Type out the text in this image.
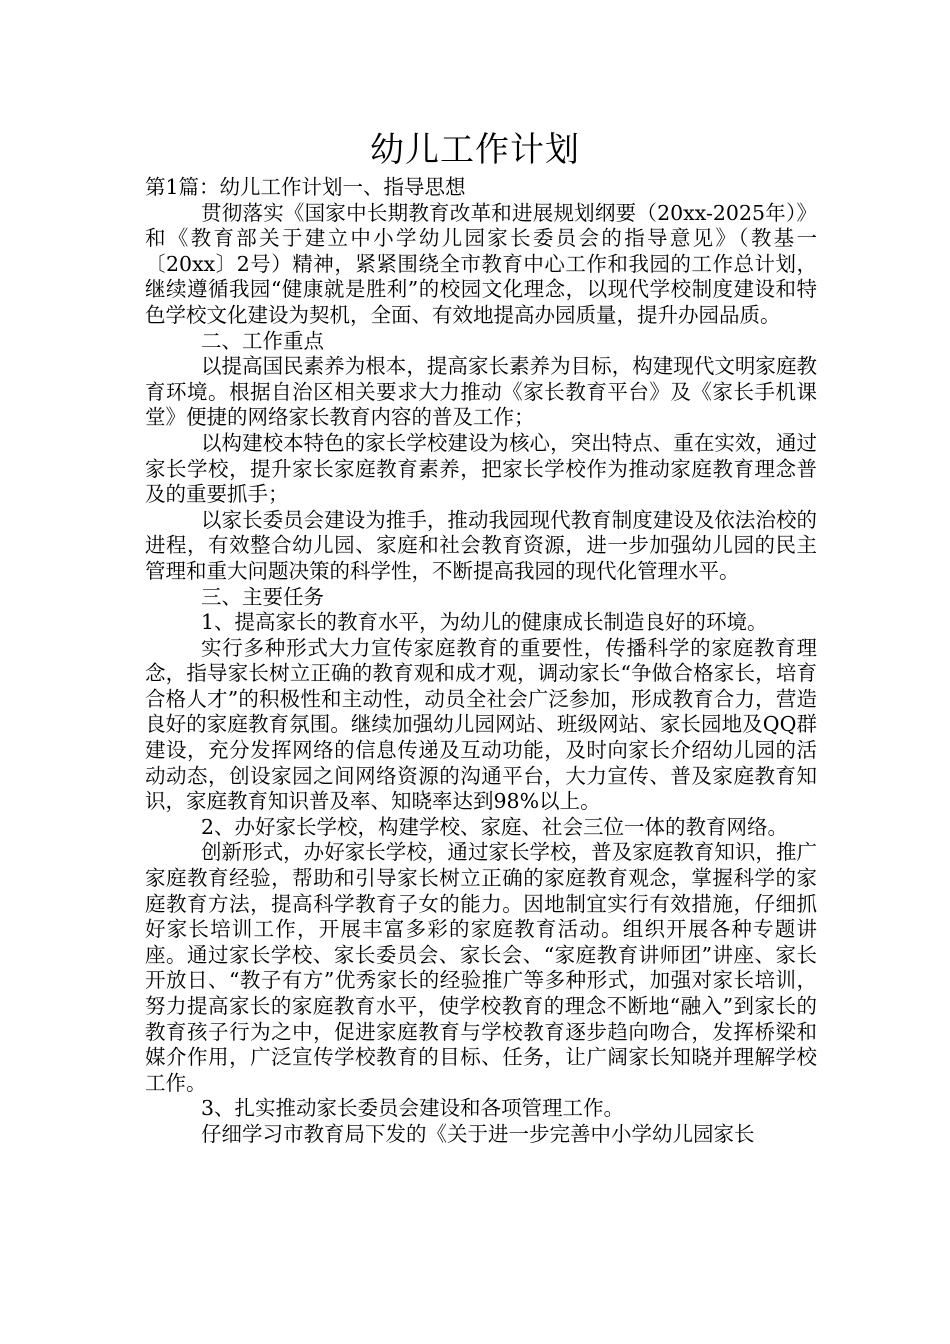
幼儿工作计划

第1篇：幼儿工作计划一、指导思想

贯彻落实《国家中长期教育改革和进展规划纲要（20xx-2025年）》和《教育部关于建立中小学幼儿园家长委员会的指导意见》（教基一〔20xx〕2号）精神，紧紧围绕全市教育中心工作和我园的工作总计划，继续遵循我园“健康就是胜利”的校园文化理念，以现代学校制度建设和特色学校文化建设为契机，全面、有效地提高办园质量，提升办园品质。

二、工作重点

以提高国民素养为根本，提高家长素养为目标，构建现代文明家庭教育环境。根据自治区相关要求大力推动《家长教育平台》及《家长手机课堂》便捷的网络家长教育内容的普及工作；

以构建校本特色的家长学校建设为核心，突出特点、重在实效，通过家长学校，提升家长家庭教育素养，把家长学校作为推动家庭教育理念普及的重要抓手；

以家长委员会建设为推手，推动我园现代教育制度建设及依法治校的进程，有效整合幼儿园、家庭和社会教育资源，进一步加强幼儿园的民主管理和重大问题决策的科学性，不断提高我园的现代化管理水平。

三、主要任务

1、提高家长的教育水平，为幼儿的健康成长制造良好的环境。

实行多种形式大力宣传家庭教育的重要性，传播科学的家庭教育理念，指导家长树立正确的教育观和成才观，调动家长“争做合格家长，培育合格人才”的积极性和主动性，动员全社会广泛参加，形成教育合力，营造良好的家庭教育氛围。继续加强幼儿园网站、班级网站、家长园地及QQ群建设，充分发挥网络的信息传递及互动功能，及时向家长介绍幼儿园的活动动态，创设家园之间网络资源的沟通平台，大力宣传、普及家庭教育知识，家庭教育知识普及率、知晓率达到98%以上。

2、办好家长学校，构建学校、家庭、社会三位一体的教育网络。

创新形式，办好家长学校，通过家长学校，普及家庭教育知识，推广家庭教育经验，帮助和引导家长树立正确的家庭教育观念，掌握科学的家庭教育方法，提高科学教育子女的能力。因地制宜实行有效措施，仔细抓好家长培训工作，开展丰富多彩的家庭教育活动。组织开展各种专题讲座。通过家长学校、家长委员会、家长会、“家庭教育讲师团”讲座、家长开放日、“教子有方”优秀家长的经验推广等多种形式，加强对家长培训，努力提高家长的家庭教育水平，使学校教育的理念不断地“融入”到家长的教育孩子行为之中，促进家庭教育与学校教育逐步趋向吻合，发挥桥梁和媒介作用，广泛宣传学校教育的目标、任务，让广阔家长知晓并理解学校工作。

3、扎实推动家长委员会建设和各项管理工作。

仔细学习市教育局下发的《关于进一步完善中小学幼儿园家长
